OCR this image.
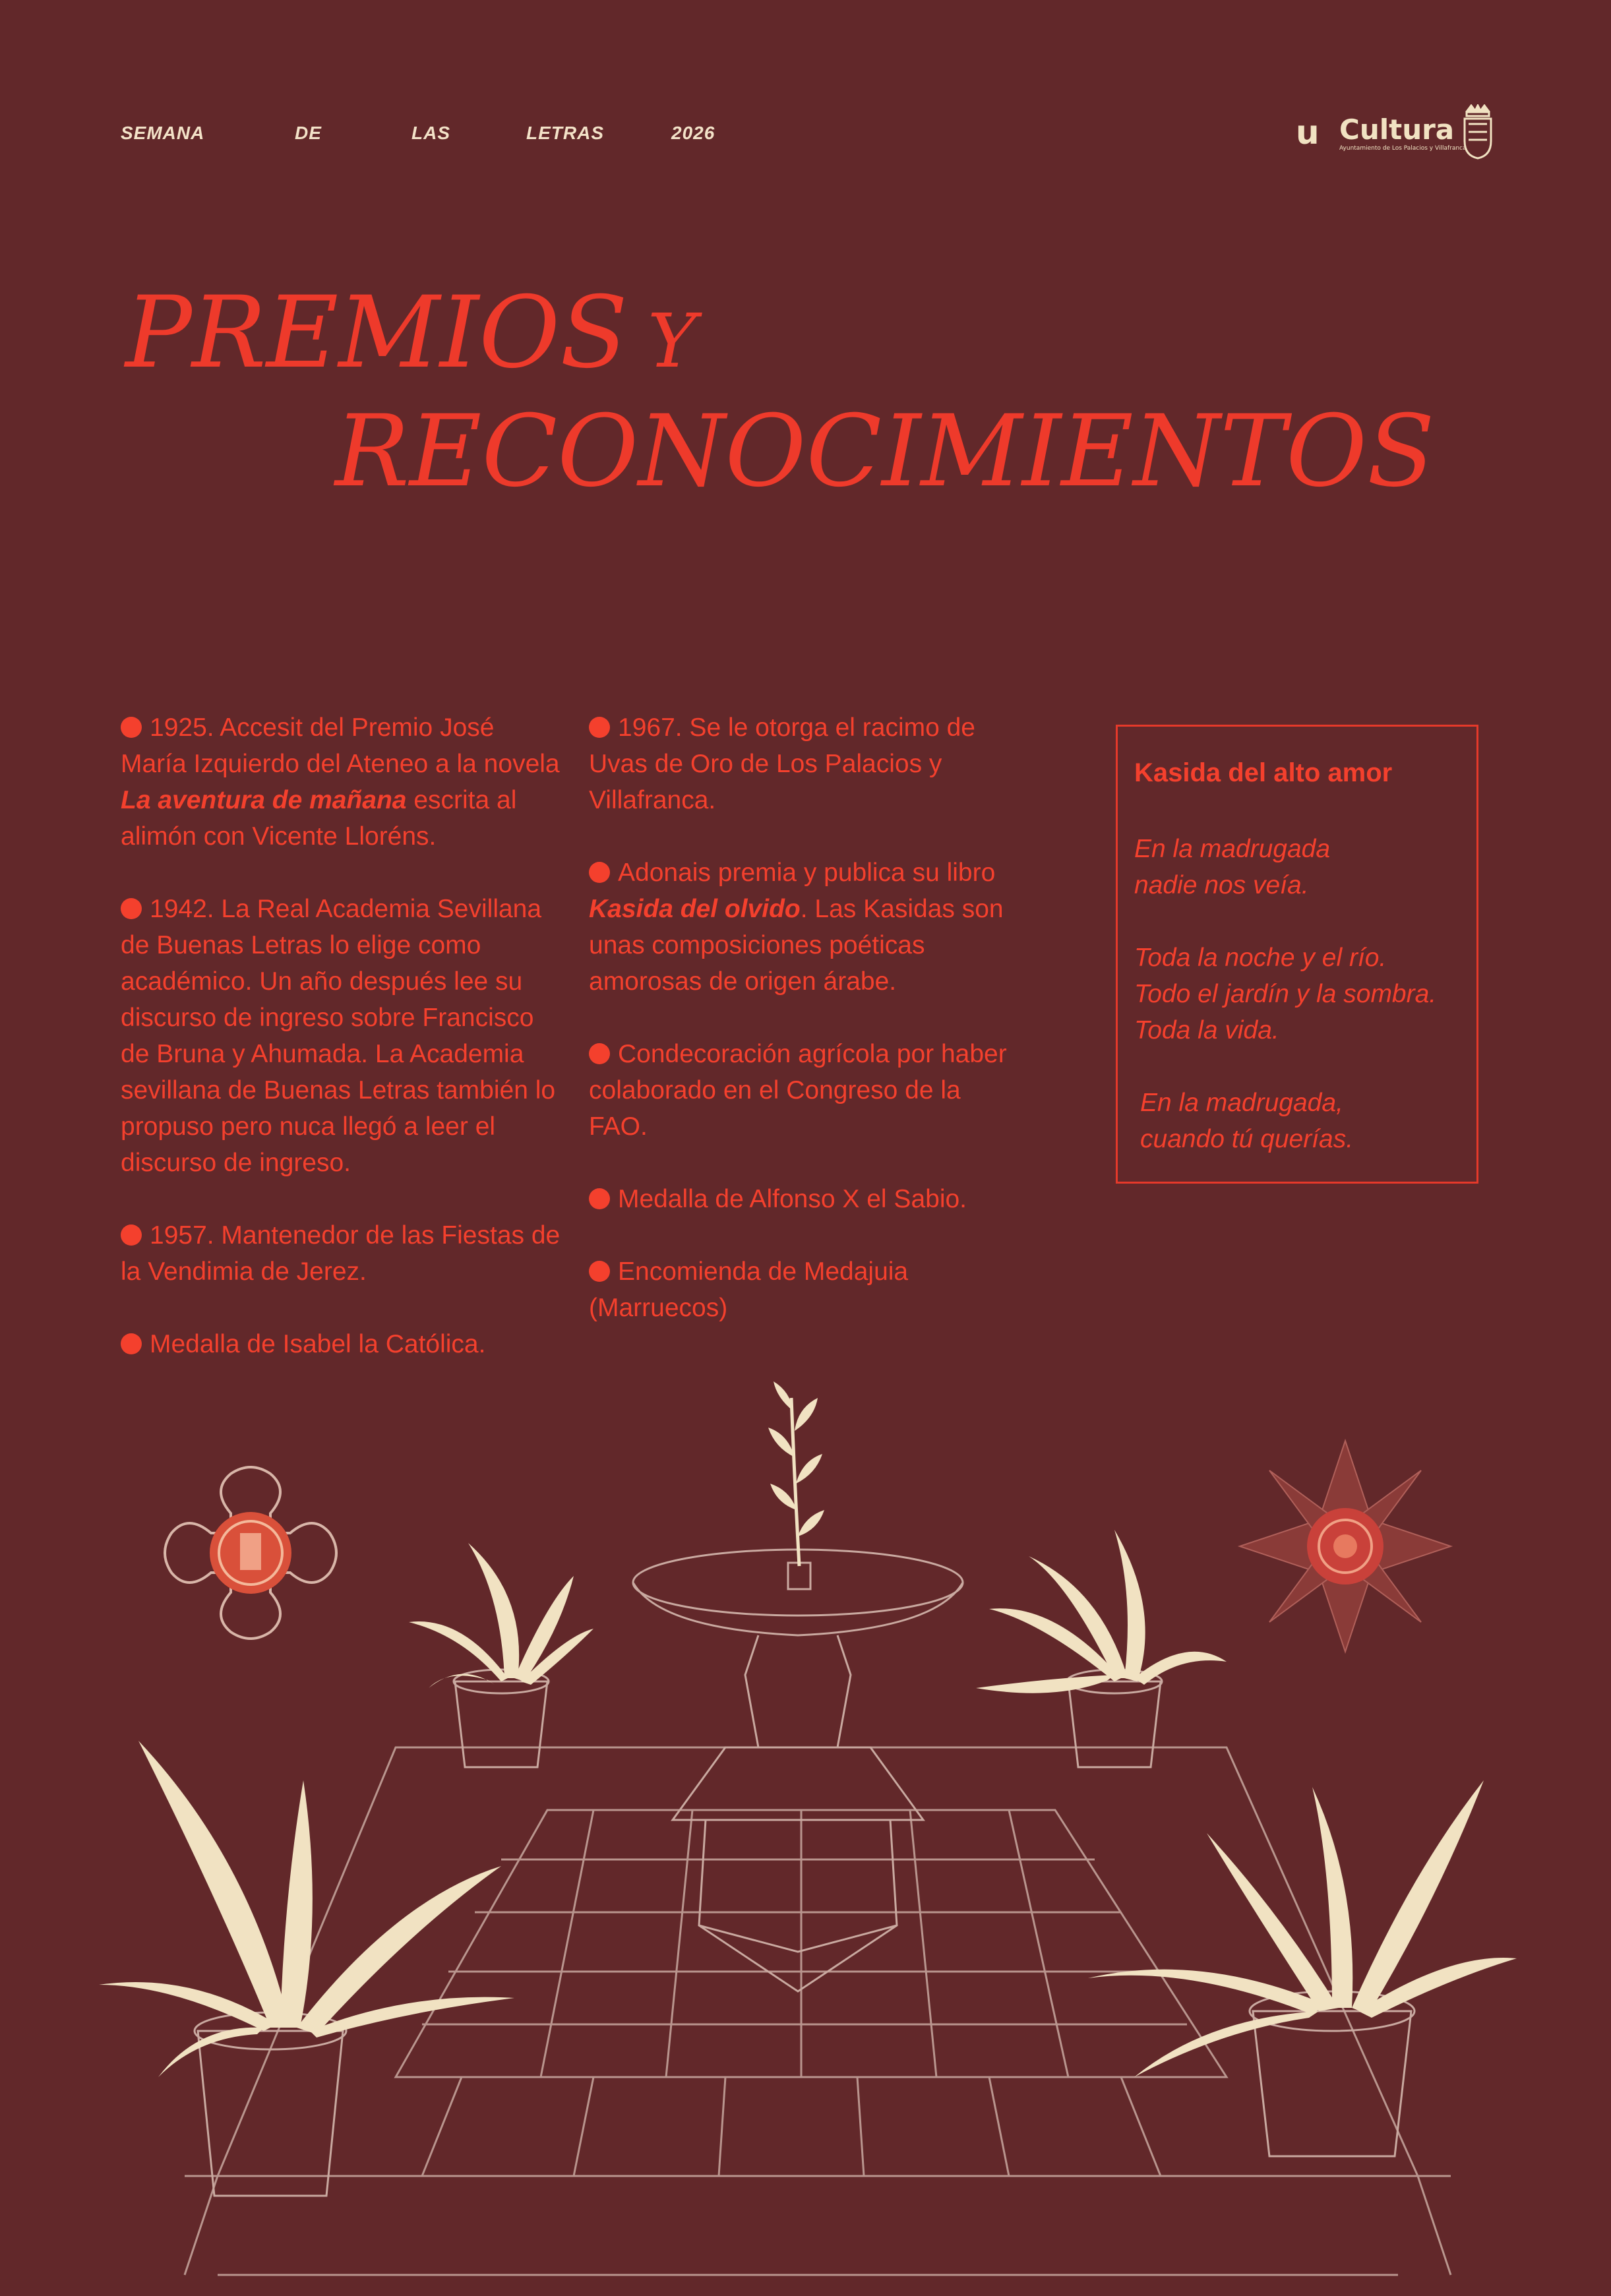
SEMANA	DE	LAS	LETRAS	2026	u Cultura
Ayuntamiento de Los Palacios y Villafranca
PREMIOS Y
RECONOCIMIENTOS
1925. Accesit del Premio José María Izquierdo del Ateneo a la novela La aventura de mañana escrita al alimón con Vicente Lloréns.
1942. La Real Academia Sevillana de Buenas Letras lo elige como académico. Un año después lee su discurso de ingreso sobre Francisco de Bruna y Ahumada. La Academia sevillana de Buenas Letras también lo propuso pero nuca llegó a leer el discurso de ingreso.
1957. Mantenedor de las Fiestas de la Vendimia de Jerez.
Medalla de Isabel la Católica.
1967. Se le otorga el racimo de Uvas de Oro de Los Palacios y Villafranca.
Adonais premia y publica su libro Kasida del olvido. Las Kasidas son unas composiciones poéticas amorosas de origen árabe.
Condecoración agrícola por haber colaborado en el Congreso de la FAO.
Medalla de Alfonso X el Sabio.
Encomienda de Medajuia (Marruecos)
Kasida del alto amor
En la madrugada
nadie nos veía.
Toda la noche y el río.
Todo el jardín y la sombra.
Toda la vida.
En la madrugada,
cuando tú querías.
